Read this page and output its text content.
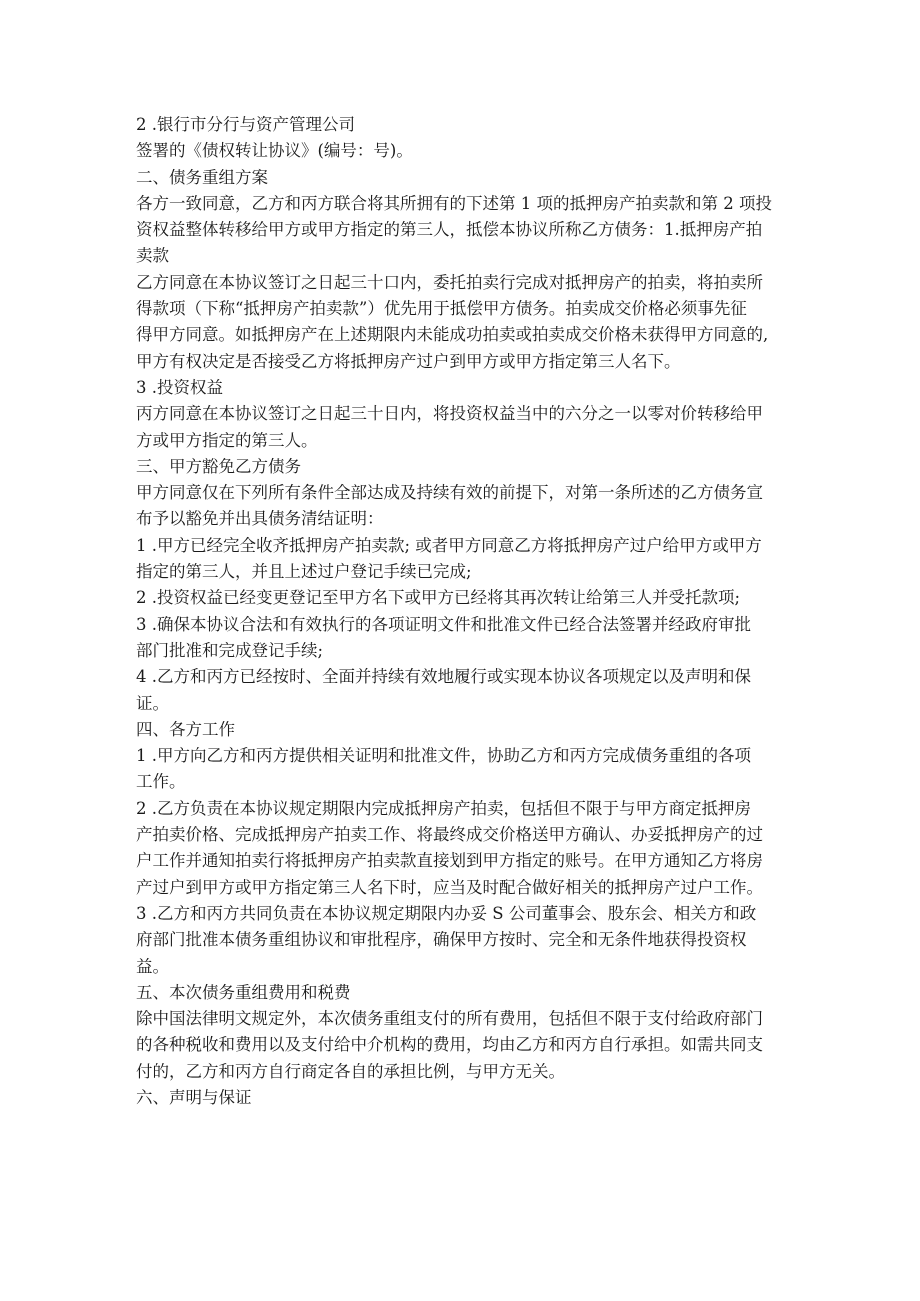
2 .银行市分行与资产管理公司
签署的《债权转让协议》(编号：号)。
二、债务重组方案
各方一致同意，乙方和丙方联合将其所拥有的下述第 1 项的抵押房产拍卖款和第 2 项投
资权益整体转移给甲方或甲方指定的第三人，抵偿本协议所称乙方债务：1.抵押房产拍
卖款
乙方同意在本协议签订之日起三十口内，委托拍卖行完成对抵押房产的拍卖，将拍卖所
得款项（下称“抵押房产拍卖款”）优先用于抵偿甲方债务。拍卖成交价格必须事先征
得甲方同意。如抵押房产在上述期限内未能成功拍卖或拍卖成交价格未获得甲方同意的,
甲方有权决定是否接受乙方将抵押房产过户到甲方或甲方指定第三人名下。
3 .投资权益
丙方同意在本协议签订之日起三十日内，将投资权益当中的六分之一以零对价转移给甲
方或甲方指定的第三人。
三、甲方豁免乙方债务
甲方同意仅在下列所有条件全部达成及持续有效的前提下，对第一条所述的乙方债务宣
布予以豁免并出具债务清结证明：
1 .甲方已经完全收齐抵押房产拍卖款; 或者甲方同意乙方将抵押房产过户给甲方或甲方
指定的第三人，并且上述过户登记手续已完成;
2 .投资权益已经变更登记至甲方名下或甲方已经将其再次转让给第三人并受托款项;
3 .确保本协议合法和有效执行的各项证明文件和批准文件已经合法签署并经政府审批
部门批准和完成登记手续;
4 .乙方和丙方已经按时、全面并持续有效地履行或实现本协议各项规定以及声明和保
证。
四、各方工作
1 .甲方向乙方和丙方提供相关证明和批准文件，协助乙方和丙方完成债务重组的各项
工作。
2 .乙方负责在本协议规定期限内完成抵押房产拍卖，包括但不限于与甲方商定抵押房
产拍卖价格、完成抵押房产拍卖工作、将最终成交价格送甲方确认、办妥抵押房产的过
户工作并通知拍卖行将抵押房产拍卖款直接划到甲方指定的账号。在甲方通知乙方将房
产过户到甲方或甲方指定第三人名下时，应当及时配合做好相关的抵押房产过户工作。
3 .乙方和丙方共同负责在本协议规定期限内办妥 S 公司董事会、股东会、相关方和政
府部门批准本债务重组协议和审批程序，确保甲方按时、完全和无条件地获得投资权
益。
五、本次债务重组费用和税费
除中国法律明文规定外，本次债务重组支付的所有费用，包括但不限于支付给政府部门
的各种税收和费用以及支付给中介机构的费用，均由乙方和丙方自行承担。如需共同支
付的，乙方和丙方自行商定各自的承担比例，与甲方无关。
六、声明与保证
